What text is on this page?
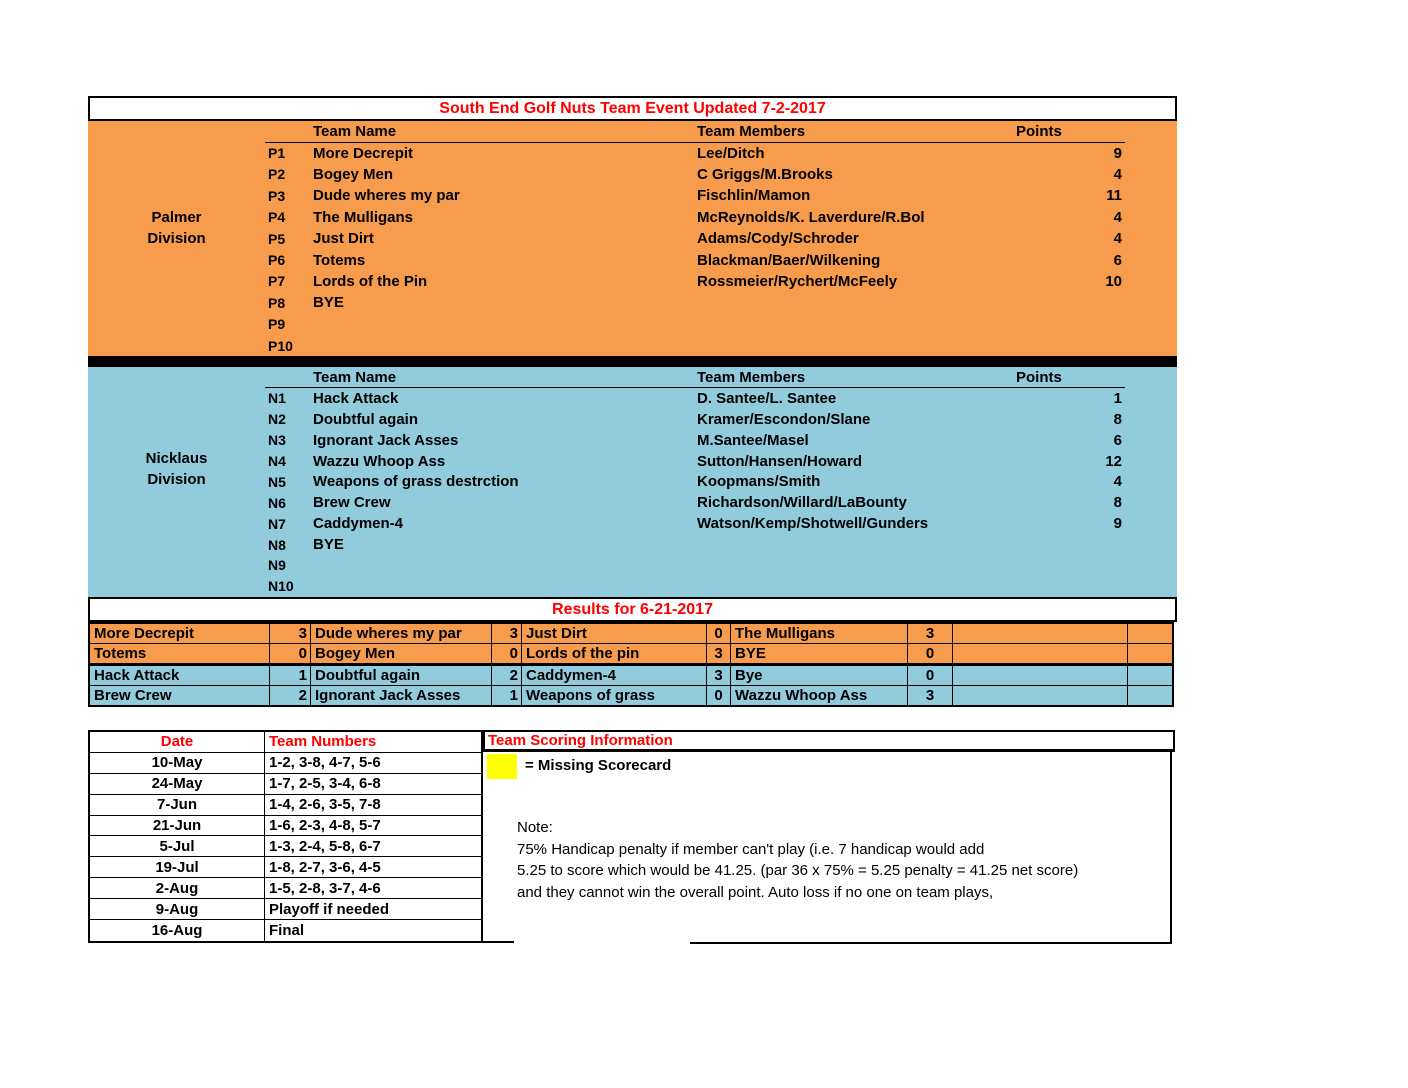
South End Golf Nuts Team Event Updated 7-2-2017
Team Name	Team Members	Points
P1	More Decrepit	Lee/Ditch	9
P2	Bogey Men	C Griggs/M.Brooks	4
P3	Dude wheres my par	Fischlin/Mamon	11
P4	The Mulligans	McReynolds/K. Laverdure/R.Bol	4
P5	Just Dirt	Adams/Cody/Schroder	4
P6	Totems	Blackman/Baer/Wilkening	6
P7	Lords of the Pin	Rossmeier/Rychert/McFeely	10
P8	BYE
P9
P10
Palmer
Division
Team Name	Team Members	Points
N1	Hack Attack	D. Santee/L. Santee	1
N2	Doubtful again	Kramer/Escondon/Slane	8
N3	Ignorant Jack Asses	M.Santee/Masel	6
N4	Wazzu Whoop Ass	Sutton/Hansen/Howard	12
N5	Weapons of grass destrction	Koopmans/Smith	4
N6	Brew Crew	Richardson/Willard/LaBounty	8
N7	Caddymen-4	Watson/Kemp/Shotwell/Gunders	9
N8	BYE
N9
N10
Nicklaus
Division
Results for 6-21-2017
More Decrepit	3 Dude wheres my par	3 Just Dirt	0 The Mulligans	3
Totems	0 Bogey Men	0 Lords of the pin	3 BYE	0
Hack Attack	1 Doubtful again	2 Caddymen-4	3 Bye	0
Brew Crew	2 Ignorant Jack Asses	1 Weapons of grass	0 Wazzu Whoop Ass	3
Date	Team Numbers
10-May	1-2, 3-8, 4-7, 5-6
24-May	1-7, 2-5, 3-4, 6-8
7-Jun	1-4, 2-6, 3-5, 7-8
21-Jun	1-6, 2-3, 4-8, 5-7
5-Jul	1-3, 2-4, 5-8, 6-7
19-Jul	1-8, 2-7, 3-6, 4-5
2-Aug	1-5, 2-8, 3-7, 4-6
9-Aug	Playoff if needed
16-Aug	Final
Team Scoring Information
= Missing Scorecard
Note:
75% Handicap penalty if member can't play (i.e. 7 handicap would add
5.25 to score which would be 41.25. (par 36 x 75% = 5.25 penalty = 41.25 net score)
and they cannot win the overall point. Auto loss if no one on team plays,
